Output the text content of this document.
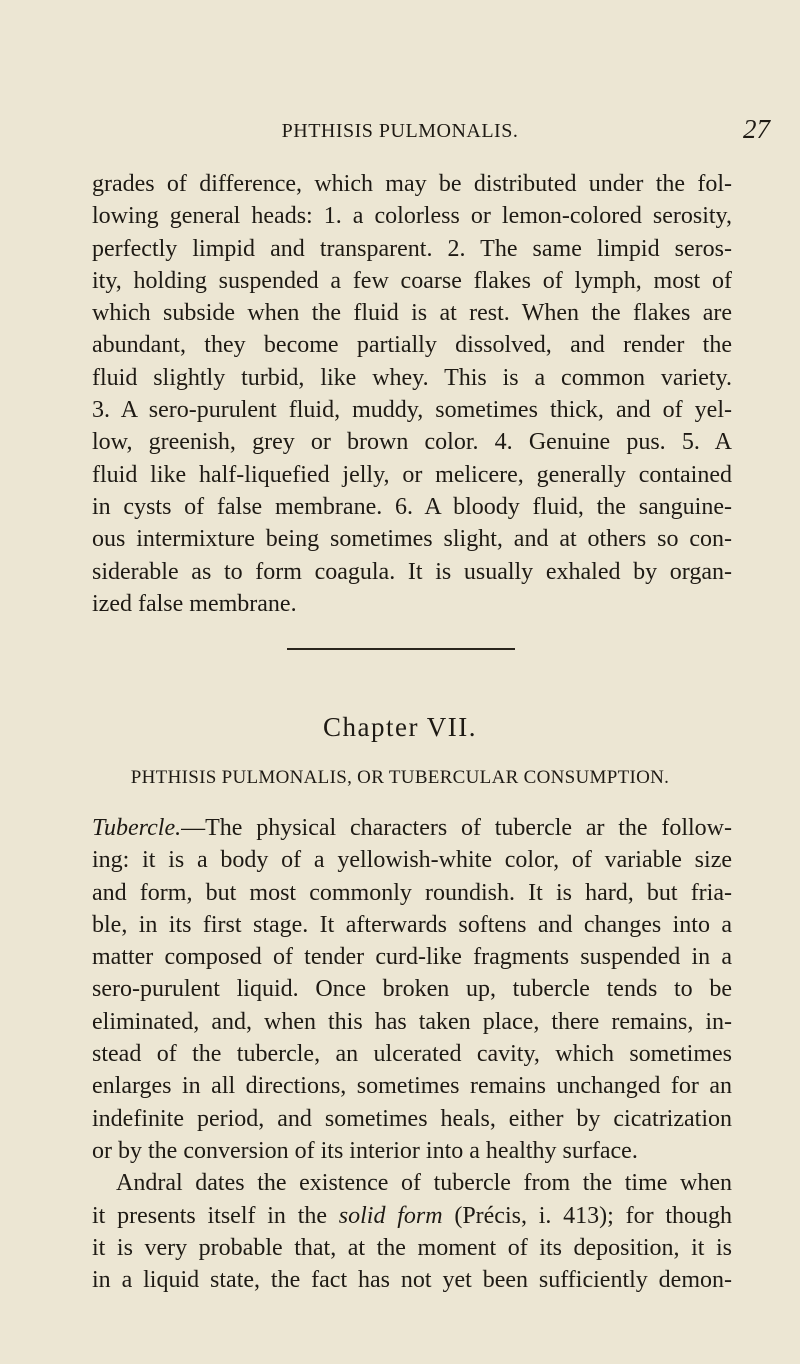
PHTHISIS PULMONALIS.	27
grades of difference, which may be distributed under the fol-
lowing general heads: 1. a colorless or lemon-colored serosity,
perfectly limpid and transparent. 2. The same limpid seros-
ity, holding suspended a few coarse flakes of lymph, most of
which subside when the fluid is at rest. When the flakes are
abundant, they become partially dissolved, and render the
fluid slightly turbid, like whey. This is a common variety.
3. A sero-purulent fluid, muddy, sometimes thick, and of yel-
low, greenish, grey or brown color. 4. Genuine pus. 5. A
fluid like half-liquefied jelly, or melicere, generally contained
in cysts of false membrane. 6. A bloody fluid, the sanguine-
ous intermixture being sometimes slight, and at others so con-
siderable as to form coagula. It is usually exhaled by organ-
ized false membrane.
Chapter VII.
PHTHISIS PULMONALIS, OR TUBERCULAR CONSUMPTION.
Tubercle.—The physical characters of tubercle ar the follow-
ing: it is a body of a yellowish-white color, of variable size
and form, but most commonly roundish. It is hard, but fria-
ble, in its first stage. It afterwards softens and changes into a
matter composed of tender curd-like fragments suspended in a
sero-purulent liquid. Once broken up, tubercle tends to be
eliminated, and, when this has taken place, there remains, in-
stead of the tubercle, an ulcerated cavity, which sometimes
enlarges in all directions, sometimes remains unchanged for an
indefinite period, and sometimes heals, either by cicatrization
or by the conversion of its interior into a healthy surface.
Andral dates the existence of tubercle from the time when
it presents itself in the solid form (Précis, i. 413); for though
it is very probable that, at the moment of its deposition, it is
in a liquid state, the fact has not yet been sufficiently demon-
